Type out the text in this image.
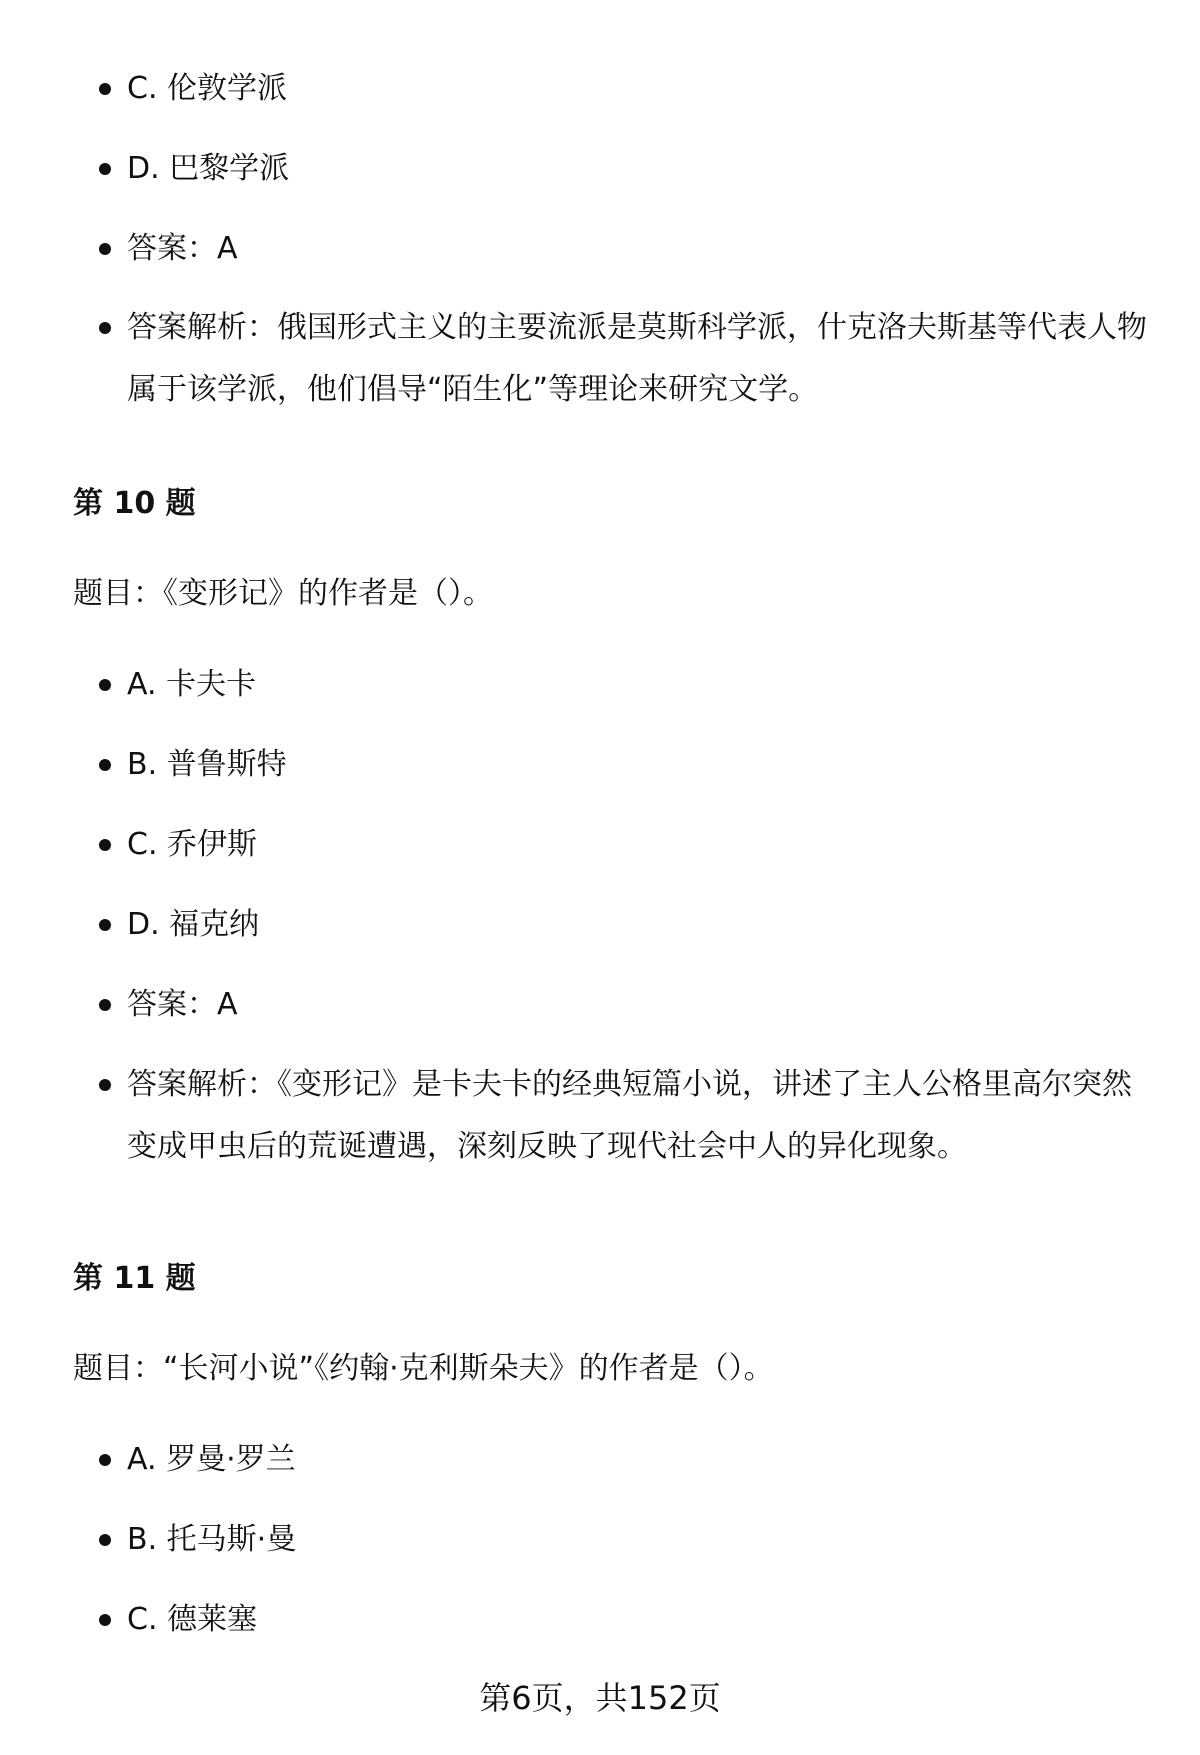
C. 伦敦学派
D. 巴黎学派
答案：A
答案解析：俄国形式主义的主要流派是莫斯科学派，什克洛夫斯基等代表人物属于该学派，他们倡导“陌生化”等理论来研究文学。
第 10 题
题目：《变形记》的作者是（）。
A. 卡夫卡
B. 普鲁斯特
C. 乔伊斯
D. 福克纳
答案：A
答案解析：《变形记》是卡夫卡的经典短篇小说，讲述了主人公格里高尔突然变成甲虫后的荒诞遭遇，深刻反映了现代社会中人的异化现象。
第 11 题
题目：“长河小说”《约翰·克利斯朵夫》的作者是（）。
A. 罗曼·罗兰
B. 托马斯·曼
C. 德莱塞
第6页，共152页
